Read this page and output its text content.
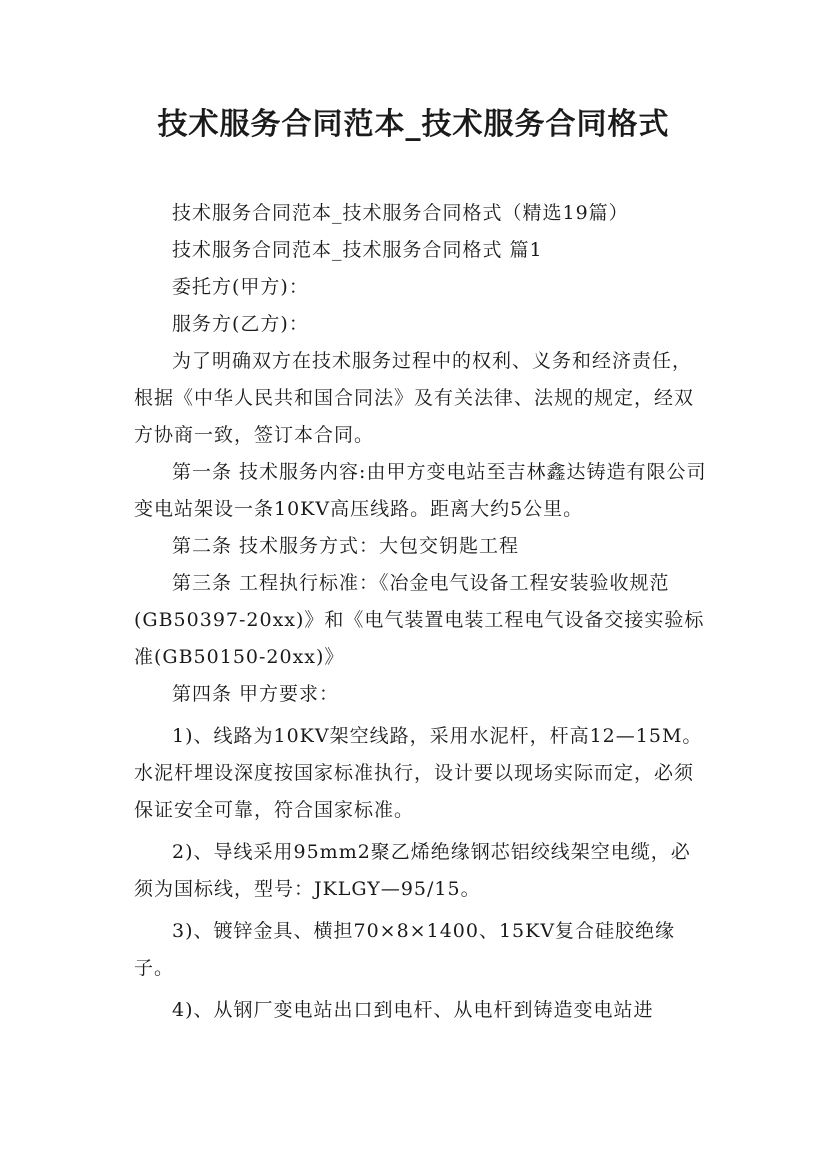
技术服务合同范本_技术服务合同格式

技术服务合同范本_技术服务合同格式（精选19篇）

技术服务合同范本_技术服务合同格式 篇1

委托方(甲方)：

服务方(乙方)：

为了明确双方在技术服务过程中的权利、义务和经济责任，根据《中华人民共和国合同法》及有关法律、法规的规定，经双方协商一致，签订本合同。

第一条 技术服务内容:由甲方变电站至吉林鑫达铸造有限公司变电站架设一条10KV高压线路。距离大约5公里。

第二条 技术服务方式：大包交钥匙工程

第三条 工程执行标准：《冶金电气设备工程安装验收规范(GB50397-20xx)》和《电气装置电装工程电气设备交接实验标准(GB50150-20xx)》

第四条 甲方要求：

1)、线路为10KV架空线路，采用水泥杆，杆高12—15M。水泥杆埋设深度按国家标准执行，设计要以现场实际而定，必须保证安全可靠，符合国家标准。

2)、导线采用95mm2聚乙烯绝缘钢芯铝绞线架空电缆，必须为国标线，型号：JKLGY—95/15。

3)、镀锌金具、横担70×8×1400、15KV复合硅胶绝缘子。

4)、从钢厂变电站出口到电杆、从电杆到铸造变电站进
